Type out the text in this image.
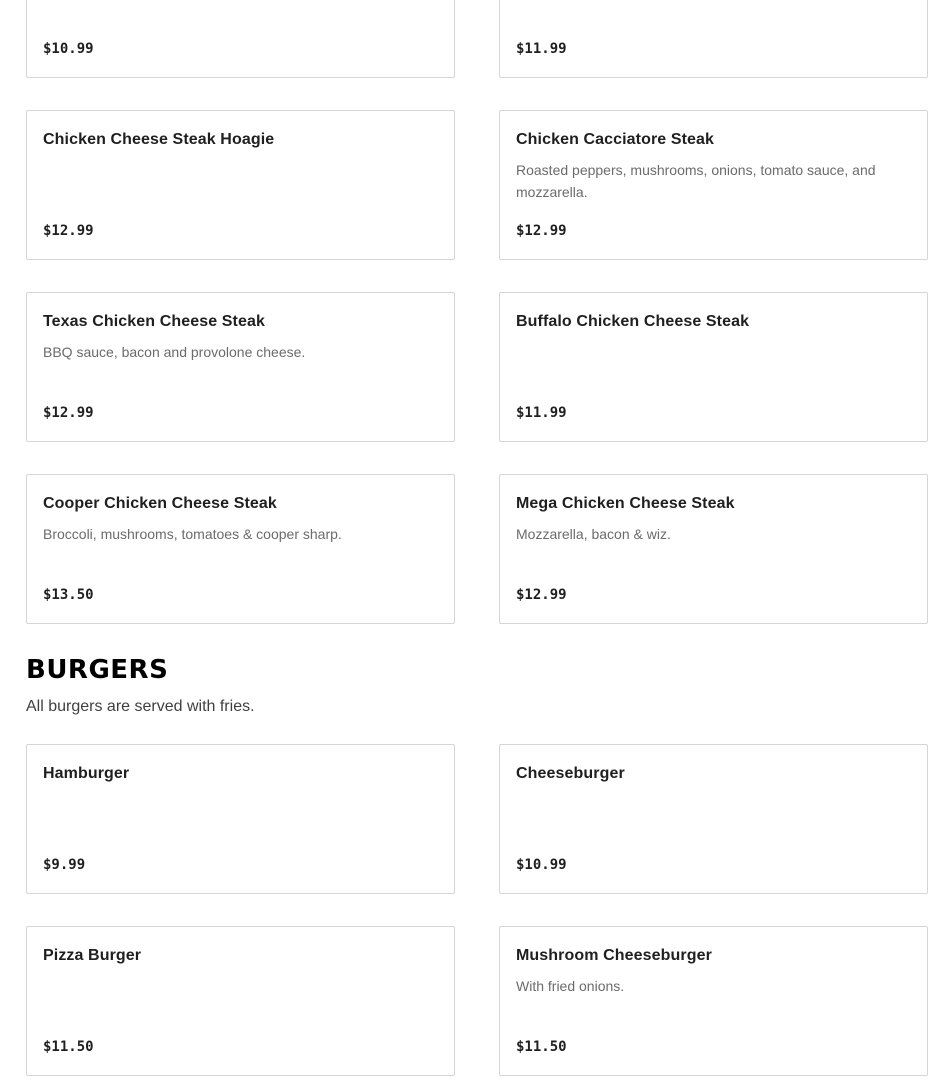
$10.99	$11.99
Chicken Cheese Steak Hoagie
$12.99
Chicken Cacciatore Steak
Roasted peppers, mushrooms, onions, tomato sauce, and mozzarella.
$12.99
Texas Chicken Cheese Steak
BBQ sauce, bacon and provolone cheese.
$12.99
Buffalo Chicken Cheese Steak
$11.99
Cooper Chicken Cheese Steak
Broccoli, mushrooms, tomatoes & cooper sharp.
$13.50
Mega Chicken Cheese Steak
Mozzarella, bacon & wiz.
$12.99
BURGERS

All burgers are served with fries.

Hamburger
$9.99
Cheeseburger
$10.99
Pizza Burger
$11.50
Mushroom Cheeseburger
With fried onions.
$11.50
